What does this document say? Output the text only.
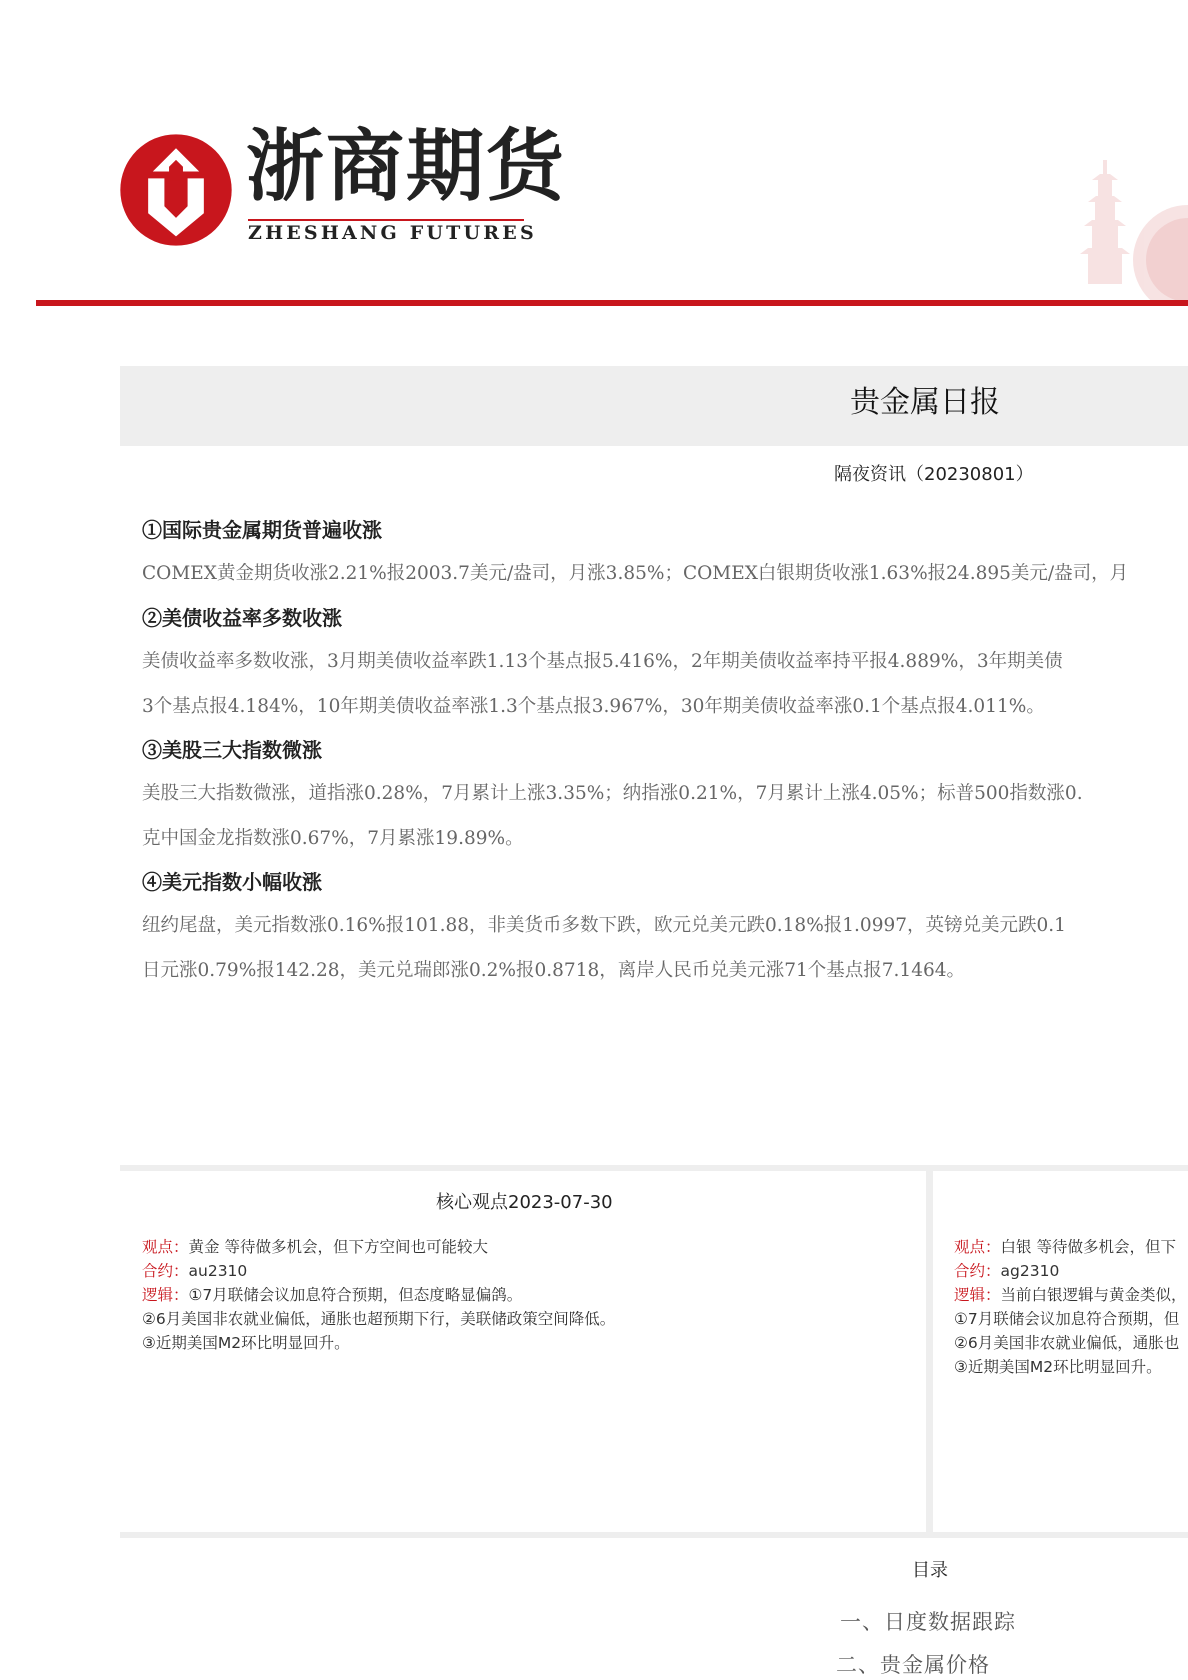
浙商期货
ZHESHANG FUTURES
贵金属日报
隔夜资讯（20230801）
①国际贵金属期货普遍收涨
COMEX黄金期货收涨2.21%报2003.7美元/盎司，月涨3.85%；COMEX白银期货收涨1.63%报24.895美元/盎司，月
②美债收益率多数收涨
美债收益率多数收涨，3月期美债收益率跌1.13个基点报5.416%，2年期美债收益率持平报4.889%，3年期美债
3个基点报4.184%，10年期美债收益率涨1.3个基点报3.967%，30年期美债收益率涨0.1个基点报4.011%。
③美股三大指数微涨
美股三大指数微涨，道指涨0.28%，7月累计上涨3.35%；纳指涨0.21%，7月累计上涨4.05%；标普500指数涨0.
克中国金龙指数涨0.67%，7月累涨19.89%。
④美元指数小幅收涨
纽约尾盘，美元指数涨0.16%报101.88，非美货币多数下跌，欧元兑美元跌0.18%报1.0997，英镑兑美元跌0.1
日元涨0.79%报142.28，美元兑瑞郎涨0.2%报0.8718，离岸人民币兑美元涨71个基点报7.1464。
核心观点2023-07-30
观点：黄金 等待做多机会，但下方空间也可能较大
合约：au2310
逻辑：①7月联储会议加息符合预期，但态度略显偏鸽。
②6月美国非农就业偏低，通胀也超预期下行，美联储政策空间降低。
③近期美国M2环比明显回升。
观点：白银 等待做多机会，但下
合约：ag2310
逻辑：当前白银逻辑与黄金类似，
①7月联储会议加息符合预期，但
②6月美国非农就业偏低，通胀也
③近期美国M2环比明显回升。
目录
一、日度数据跟踪
二、贵金属价格
